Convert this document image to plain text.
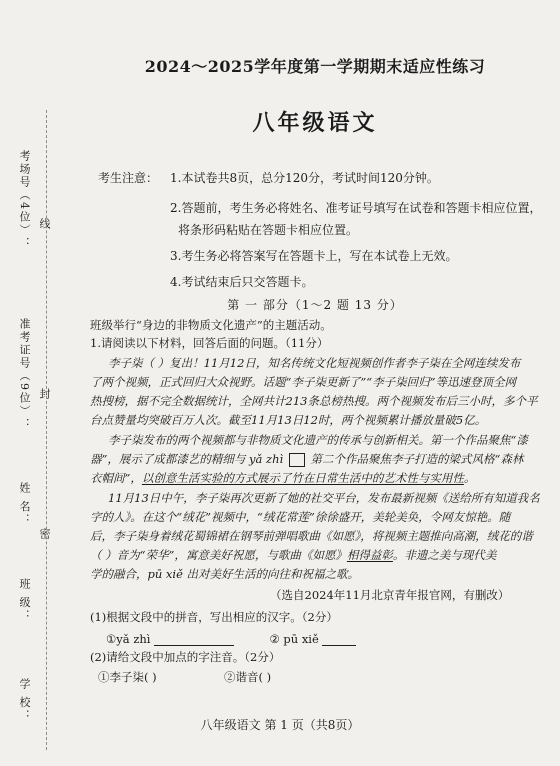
考场号（4位）： 线
准考证号（9位）： 封
姓 名：
密
班 级：
学 校：
2024～2025学年度第一学期期末适应性练习
八年级语文
考生注意： 1.本试卷共8页，总分120分，考试时间120分钟。
2.答题前，考生务必将姓名、准考证号填写在试卷和答题卡相应位置，
将条形码粘贴在答题卡相应位置。
3.考生务必将答案写在答题卡上，写在本试卷上无效。
4.考试结束后只交答题卡。
第 一 部分（1～2 题 13 分）
班级举行“身边的非物质文化遗产”的主题活动。
1.请阅读以下材料，回答后面的问题。（11分）
李子柒（ ）复出！11月12日，知名传统文化短视频创作者李子柒在全网连续发布
了两个视频，正式回归大众视野。话题“李子柒更新了”“李子柒回归”等迅速登顶全网
热搜榜，据不完全数据统计，全网共计213条总榜热搜。两个视频发布后三小时，多个平
台点赞量均突破百万人次。截至11月13日12时，两个视频累计播放量破5亿。
李子柒发布的两个视频都与非物质文化遗产的传承与创新相关。第一个作品聚焦“漆
器”，展示了成都漆艺的精细与 yǎ zhì 第二个作品聚焦李子打造的梁式风格“森林
衣帽间”，以创意生活实验的方式展示了竹在日常生活中的艺术性与实用性。
11月13日中午，李子柒再次更新了她的社交平台，发布最新视频《送给所有知道我名
字的人》。在这个“绒花”视频中，“绒花常莲”徐徐盛开，美轮美奂，令网友惊艳。随
后，李子柒身着绒花蜀锦裙在钢琴前弹唱歌曲《如愿》，将视频主题推向高潮，绒花的谐
（ ）音为“荣华”，寓意美好祝愿，与歌曲《如愿》相得益彰。非遗之美与现代美
学的融合，pū xiě 出对美好生活的向往和祝福之歌。
（选自2024年11月北京青年报官网，有删改）
(1)根据文段中的拼音，写出相应的汉字。（2分）
①yǎ zhì	② pū xiě
(2)请给文段中加点的字注音。（2分）
①李子柒( )	②谐音( )
八年级语文 第 1 页（共8页）
